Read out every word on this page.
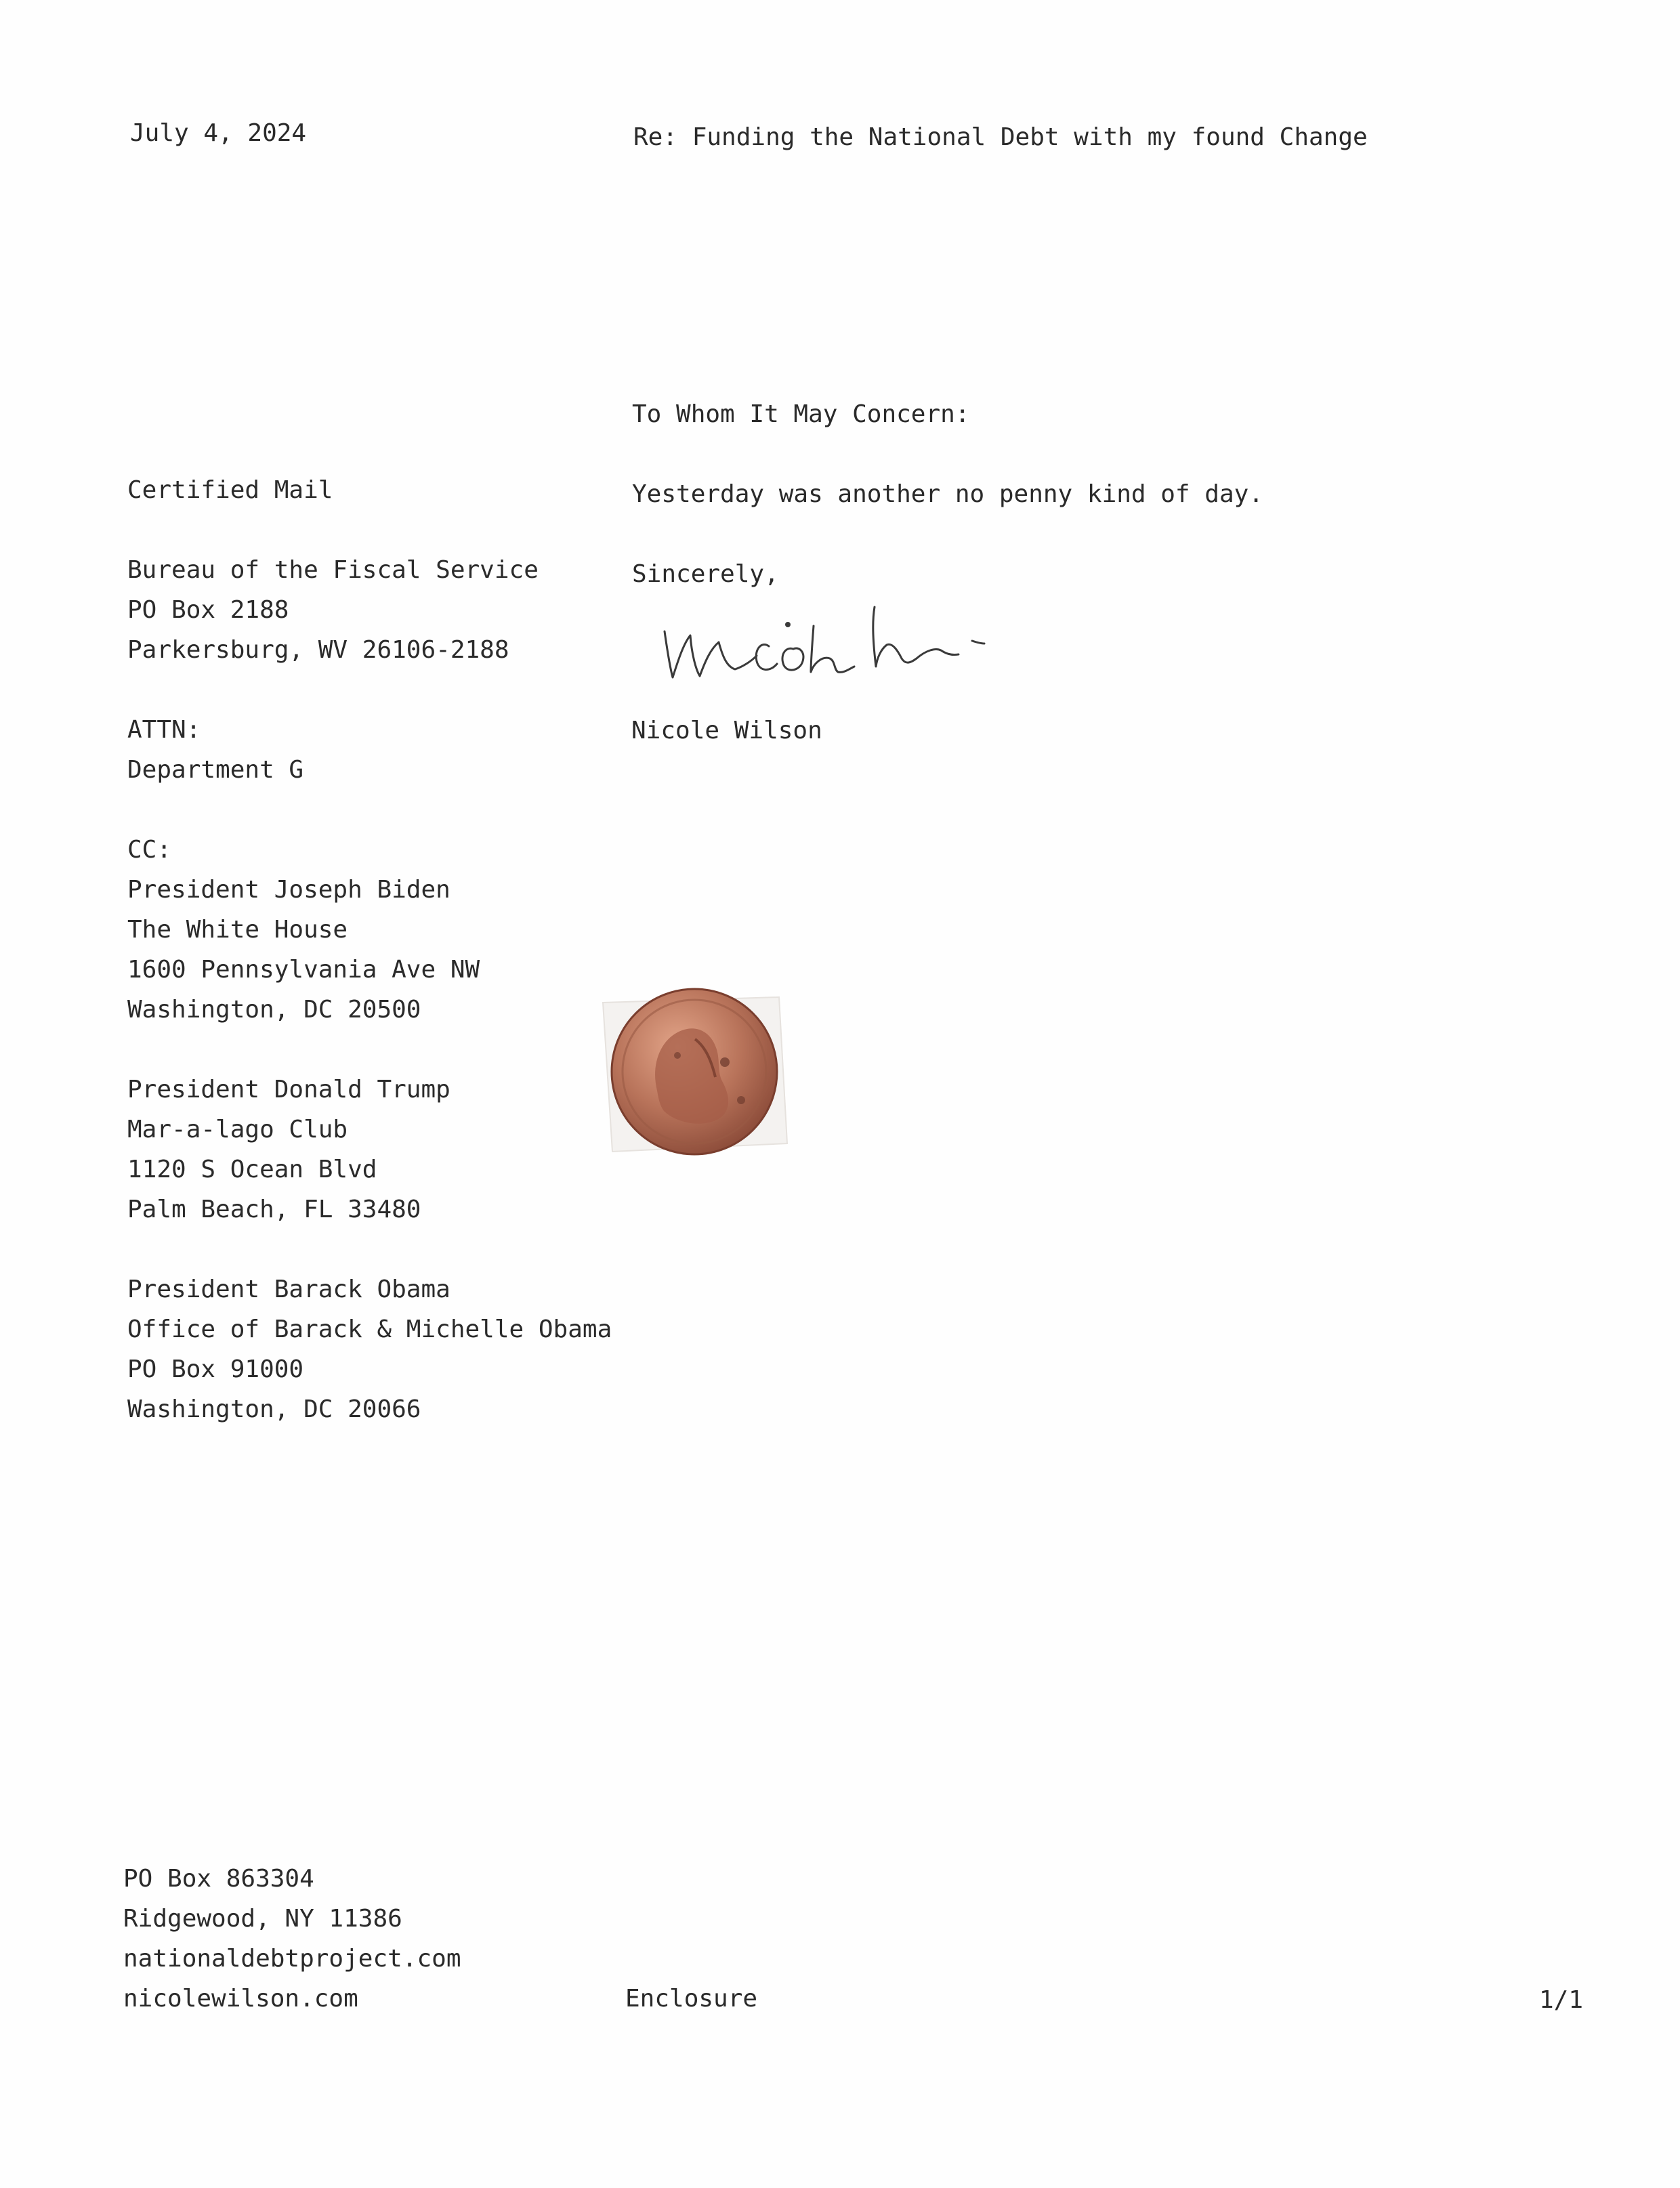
July 4, 2024	Re: Funding the National Debt with my found Change
Certified Mail
Bureau of the Fiscal Service
PO Box 2188
Parkersburg, WV 26106-2188
ATTN:
Department G
CC:
President Joseph Biden
The White House
1600 Pennsylvania Ave NW
Washington, DC 20500
President Donald Trump
Mar-a-lago Club
1120 S Ocean Blvd
Palm Beach, FL 33480
President Barack Obama
Office of Barack & Michelle Obama
PO Box 91000
Washington, DC 20066
To Whom It May Concern:
Yesterday was another no penny kind of day.
Sincerely,
Nicole Wilson
PO Box 863304
Ridgewood, NY 11386
nationaldebtproject.com
nicolewilson.com	Enclosure	1/1
